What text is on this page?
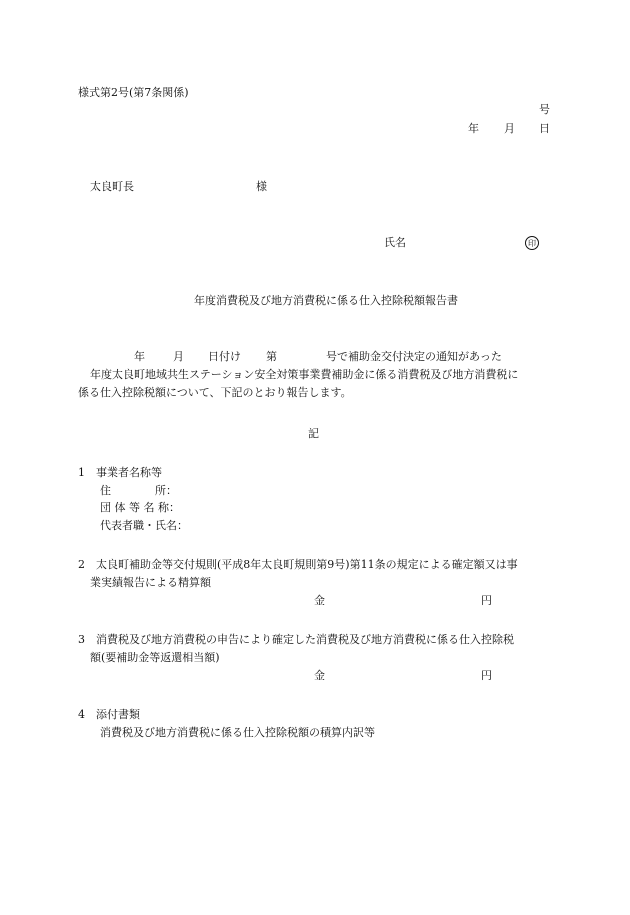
様式第2号(第7条関係)
号
年 月 日
太良町長	様
氏名	印
年度消費税及び地方消費税に係る仕入控除税額報告書
年	月 日付け 第	号で補助金交付決定の通知があった
年度太良町地域共生ステーション安全対策事業費補助金に係る消費税及び地方消費税に
係る仕入控除税額について、下記のとおり報告します。
記
1　事業者名称等
住　　　　所：
団 体 等 名 称：
代表者職・氏名：
2　太良町補助金等交付規則(平成8年太良町規則第9号)第11条の規定による確定額又は事
業実績報告による精算額
金	円
3　消費税及び地方消費税の申告により確定した消費税及び地方消費税に係る仕入控除税
額(要補助金等返還相当額)
金	円
4　添付書類
消費税及び地方消費税に係る仕入控除税額の積算内訳等
